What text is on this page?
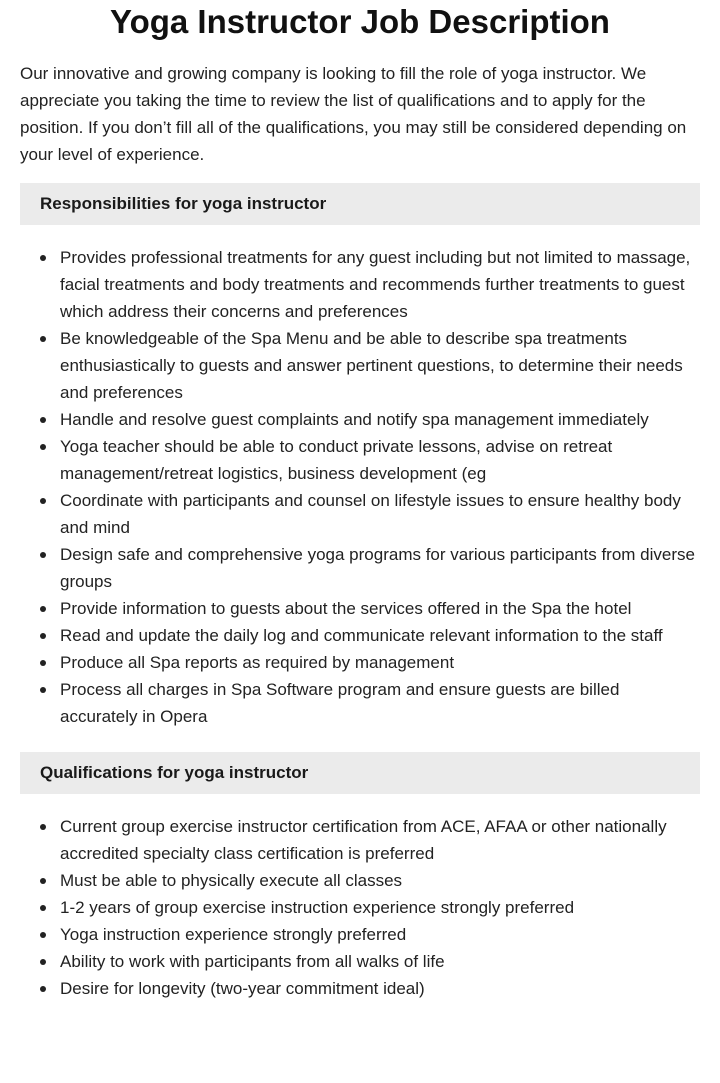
Yoga Instructor Job Description

Our innovative and growing company is looking to fill the role of yoga instructor. We appreciate you taking the time to review the list of qualifications and to apply for the position. If you don’t fill all of the qualifications, you may still be considered depending on your level of experience.

Responsibilities for yoga instructor
Provides professional treatments for any guest including but not limited to massage, facial treatments and body treatments and recommends further treatments to guest which address their concerns and preferences
Be knowledgeable of the Spa Menu and be able to describe spa treatments enthusiastically to guests and answer pertinent questions, to determine their needs and preferences
Handle and resolve guest complaints and notify spa management immediately
Yoga teacher should be able to conduct private lessons, advise on retreat management/retreat logistics, business development (eg
Coordinate with participants and counsel on lifestyle issues to ensure healthy body and mind
Design safe and comprehensive yoga programs for various participants from diverse groups
Provide information to guests about the services offered in the Spa the hotel
Read and update the daily log and communicate relevant information to the staff
Produce all Spa reports as required by management
Process all charges in Spa Software program and ensure guests are billed accurately in Opera
Qualifications for yoga instructor
Current group exercise instructor certification from ACE, AFAA or other nationally accredited specialty class certification is preferred
Must be able to physically execute all classes
1-2 years of group exercise instruction experience strongly preferred
Yoga instruction experience strongly preferred
Ability to work with participants from all walks of life
Desire for longevity (two-year commitment ideal)
